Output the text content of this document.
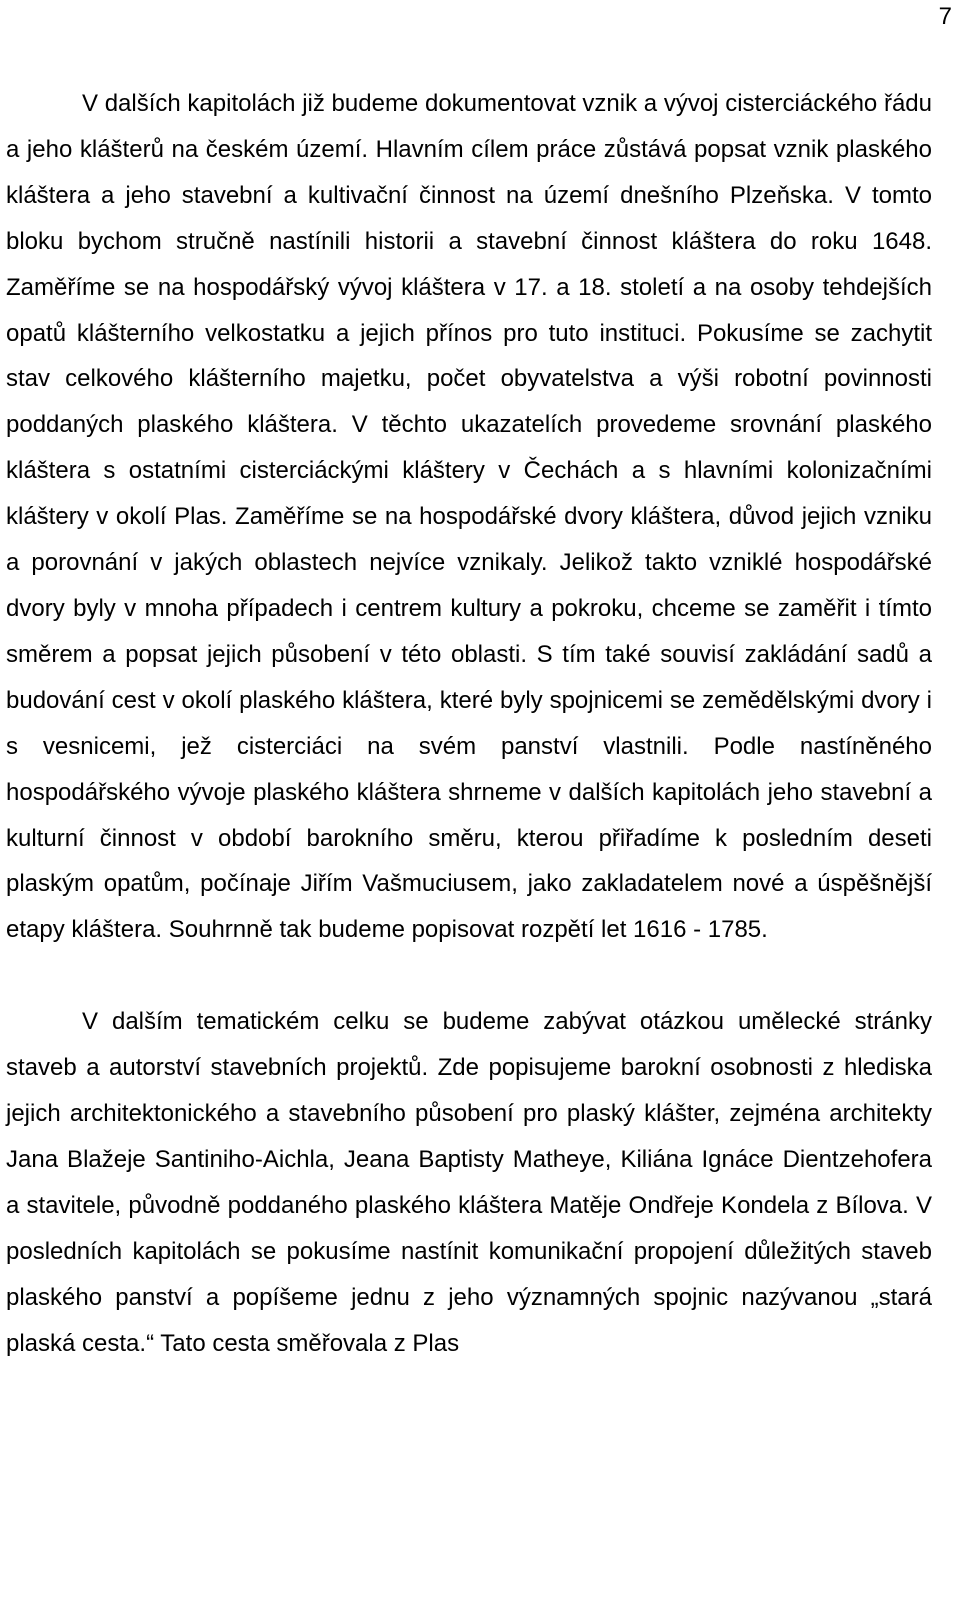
7

V dalších kapitolách již budeme dokumentovat vznik a vývoj cisterciáckého řádu a jeho klášterů na českém území. Hlavním cílem práce zůstává popsat vznik plaského kláštera a jeho stavební a kultivační činnost na území dnešního Plzeňska. V tomto bloku bychom stručně nastínili historii a stavební činnost kláštera do roku 1648. Zaměříme se na hospodářský vývoj kláštera v 17. a 18. století a na osoby tehdejších opatů klášterního velkostatku a jejich přínos pro tuto instituci. Pokusíme se zachytit stav celkového klášterního majetku, počet obyvatelstva a výši robotní povinnosti poddaných plaského kláštera. V těchto ukazatelích provedeme srovnání plaského kláštera s ostatními cisterciáckými kláštery v Čechách a s hlavními kolonizačními kláštery v okolí Plas. Zaměříme se na hospodářské dvory kláštera, důvod jejich vzniku a porovnání v jakých oblastech nejvíce vznikaly. Jelikož takto vzniklé hospodářské dvory byly v mnoha případech i centrem kultury a pokroku, chceme se zaměřit i tímto směrem a popsat jejich působení v této oblasti. S tím také souvisí zakládání sadů a budování cest v okolí plaského kláštera, které byly spojnicemi se zemědělskými dvory i s vesnicemi, jež cisterciáci na svém panství vlastnili. Podle nastíněného hospodářského vývoje plaského kláštera shrneme v dalších kapitolách jeho stavební a kulturní činnost v období barokního směru, kterou přiřadíme k posledním deseti plaským opatům, počínaje Jiřím Vašmuciusem, jako zakladatelem nové a úspěšnější etapy kláštera. Souhrnně tak budeme popisovat rozpětí let 1616 - 1785.

V dalším tematickém celku se budeme zabývat otázkou umělecké stránky staveb a autorství stavebních projektů. Zde popisujeme barokní osobnosti z hlediska jejich architektonického a stavebního působení pro plaský klášter, zejména architekty Jana Blažeje Santiniho-Aichla, Jeana Baptisty Matheye, Kiliána Ignáce Dientzehofera a stavitele, původně poddaného plaského kláštera Matěje Ondřeje Kondela z Bílova. V posledních kapitolách se pokusíme nastínit komunikační propojení důležitých staveb plaského panství a popíšeme jednu z jeho významných spojnic nazývanou „stará plaská cesta.“ Tato cesta směřovala z Plas
